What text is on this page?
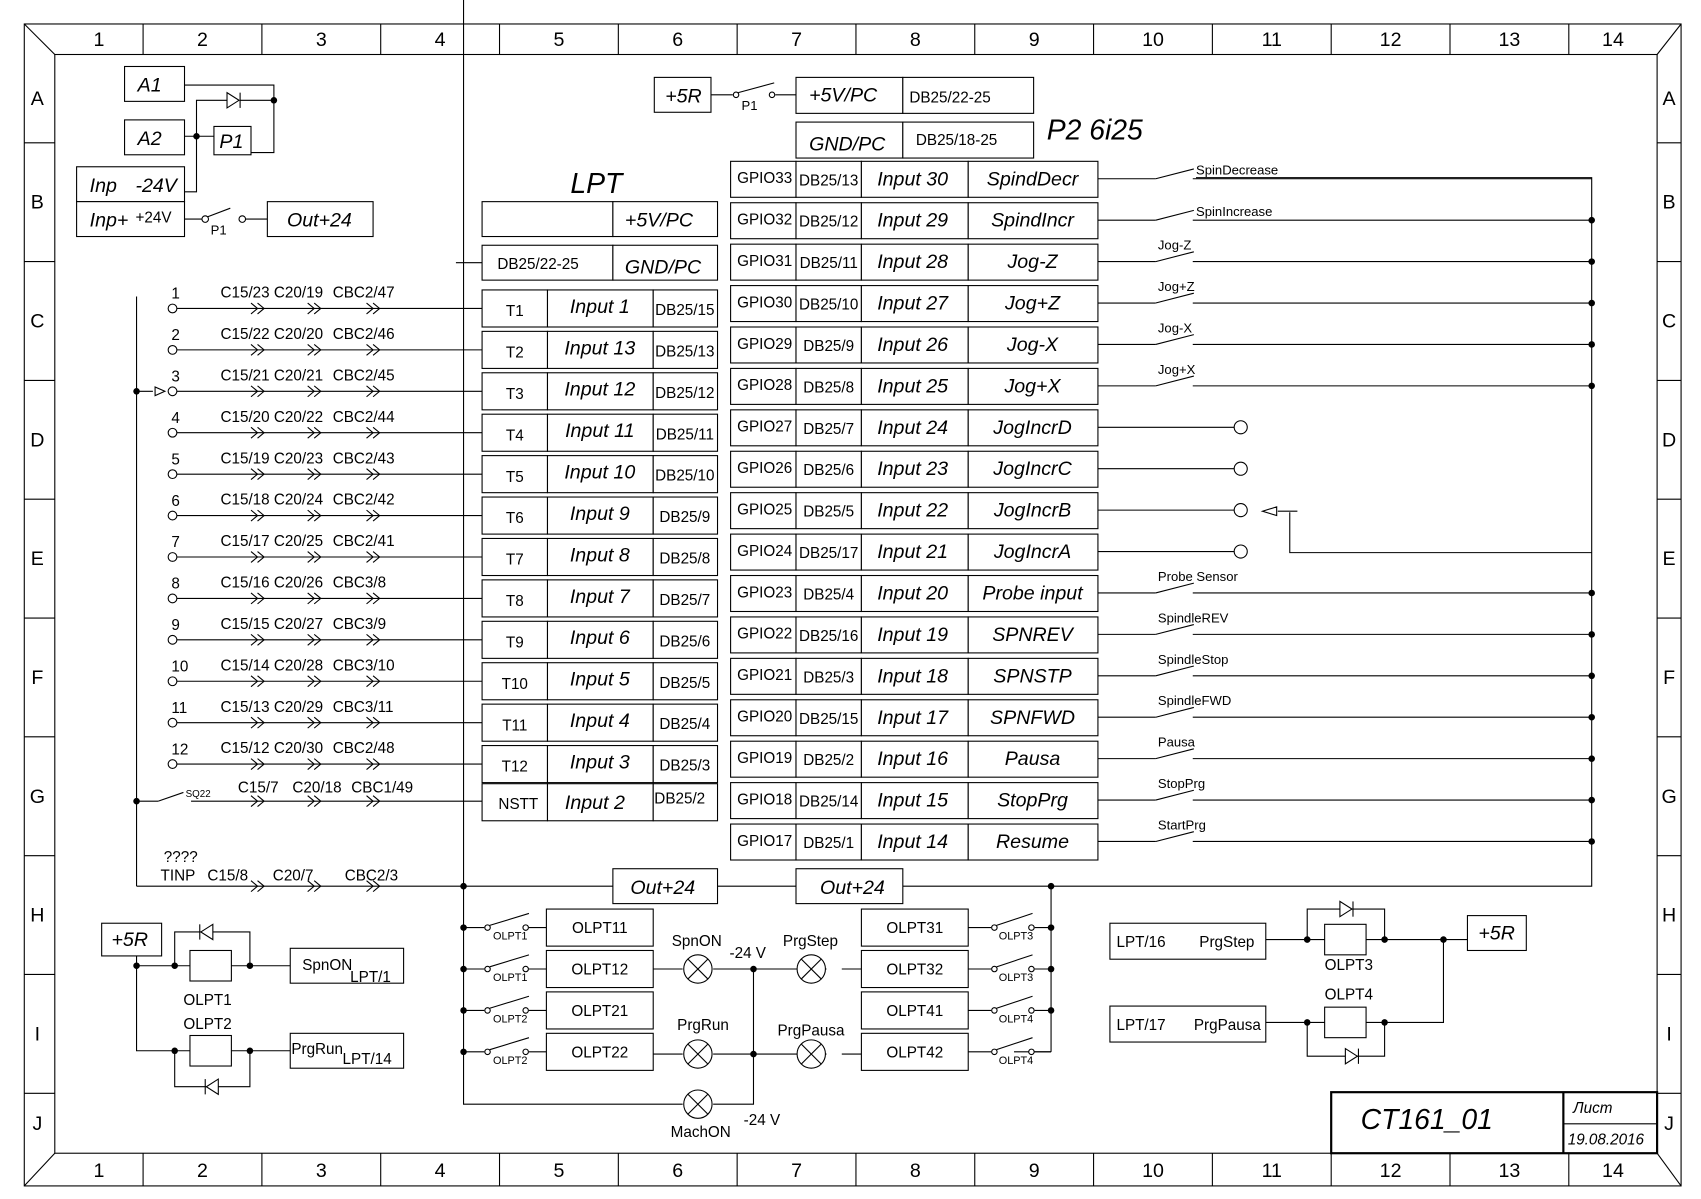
1
1
2
2
3
3
4
4
5
5
6
6
7
7
8
8
9
9
10
10
11
11
12
12
13
13
14
14
A	A
B	B
C	C
D	D
E	E
F	F
G	G
H	H
I	I
J	J
A1
A2	P1
Inp -24V
Inp+ +24V
P1	Out+24
+5R	P1	+5V/PC DB25/22-25
GND/PC DB25/18-25 P2 6i25
LPT
+5V/PC
DB25/22-25	GND/PC
1	C15/23 C20/19 CBC2/47
T1	Input 1 DB25/15
2	C15/22 C20/20 CBC2/46
T2 Input 13 DB25/13
3	C15/21 C20/21 CBC2/45
T3 Input 12 DB25/12
4	C15/20 C20/22 CBC2/44
T4 Input 11 DB25/11
5	C15/19 C20/23 CBC2/43
T5 Input 10 DB25/10
6	C15/18 C20/24 CBC2/42
T6	Input 9 DB25/9
7	C15/17 C20/25 CBC2/41
T7	Input 8 DB25/8
8	C15/16 C20/26 CBC3/8
T8	Input 7 DB25/7
9	C15/15 C20/27 CBC3/9
T9	Input 6 DB25/6
10 C15/14 C20/28 CBC3/10
T10 Input 5 DB25/5
11 C15/13 C20/29 CBC3/11
T11 Input 4 DB25/4
12 C15/12 C20/30 CBC2/48
T12 Input 3 DB25/3
GPIO33 DB25/13 Input 30 SpindDecr	SpinDecrease
GPIO32 DB25/12 Input 29 SpindIncr	SpinIncrease
GPIO31 DB25/11 Input 28	Jog-Z
Jog-Z
GPIO30 DB25/10 Input 27	Jog+Z
Jog+Z
GPIO29 DB25/9 Input 26	Jog-X
Jog-X
GPIO28 DB25/8 Input 25	Jog+X
Jog+X
GPIO27 DB25/7 Input 24	JogIncrD
GPIO26 DB25/6 Input 23	JogIncrC
GPIO25 DB25/5 Input 22	JogIncrB
GPIO24 DB25/17 Input 21	JogIncrA
GPIO23 DB25/4 Input 20 Probe input
Probe Sensor
GPIO22 DB25/16 Input 19 SPNREV
SpindleREV
GPIO21 DB25/3 Input 18	SPNSTP
SpindleStop
GPIO20 DB25/15 Input 17 SPNFWD
SpindleFWD
GPIO19 DB25/2 Input 16	Pausa
Pausa
GPIO18 DB25/14 Input 15	StopPrg
StopPrg
GPIO17 DB25/1 Input 14	Resume
StartPrg
SQ22 C15/7 C20/18 CBC1/49
NSTT Input 2 DB25/2
????
TINP C15/8 C20/7 CBC2/3
Out+24	Out+24
SpnON
PrgRun
PrgStep
PrgPausa
MachON
-24 V
-24 V
OLPT1	OLPT11
OLPT1	OLPT12
OLPT2	OLPT21
OLPT2	OLPT22
OLPT31	OLPT3
OLPT32	OLPT3
OLPT41	OLPT4
OLPT42	OLPT4
+5R
OLPT1
OLPT2
SpnON
LPT/1
PrgRun
LPT/14
LPT/16 PrgStep
OLPT3
OLPT4
+5R
LPT/17 PrgPausa
CT161_01	Лист
19.08.2016
